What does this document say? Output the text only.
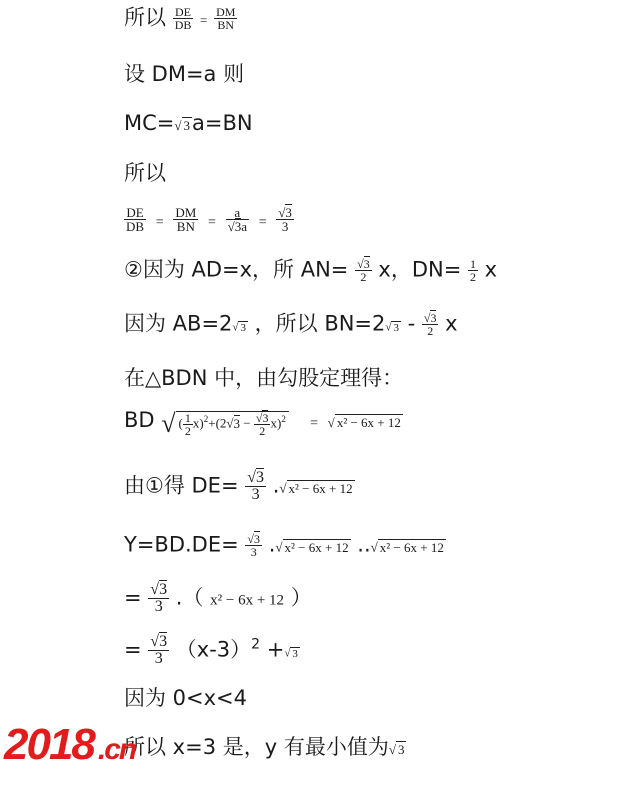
所以 $\frac{DE}{DB} = \frac{DM}{BN}$
设 DM=a 则
MC=√ 3a=BN
所以
$\frac{DE}{DB} = \frac{DM}{BN} = \frac{a}{√3a} = \frac{√3}{3}$
②因为 AD=x，所 $AN= \frac{√3}{2}$ x，$DN= \frac{1}{2}$ x
因为 AB=2√ 3 ，所以 BN=2√ $3 - \frac{√3}{2}$ x
在△BDN 中，由勾股定理得：
BD √ ( $\frac{1}{2} x)^2+(2√3 - \frac{√3}{2} x)^2$ = √ x² − 6x + 12
由①得 $DE= \frac{√3}{3}$ .√ x² − 6x + 12
$Y=BD.DE= \frac{√3}{3}$ .√ x² − 6x + 12 ..√ x² − 6x + 12
= $\frac{√3}{3}$ .（ x² − 6x + 12 ）
= $\frac{√3}{3} (x-3)^2$ +√ 3
因为 0<x<4
所以 x=3 是，y 有最小值为√ 3
2018 .cn
